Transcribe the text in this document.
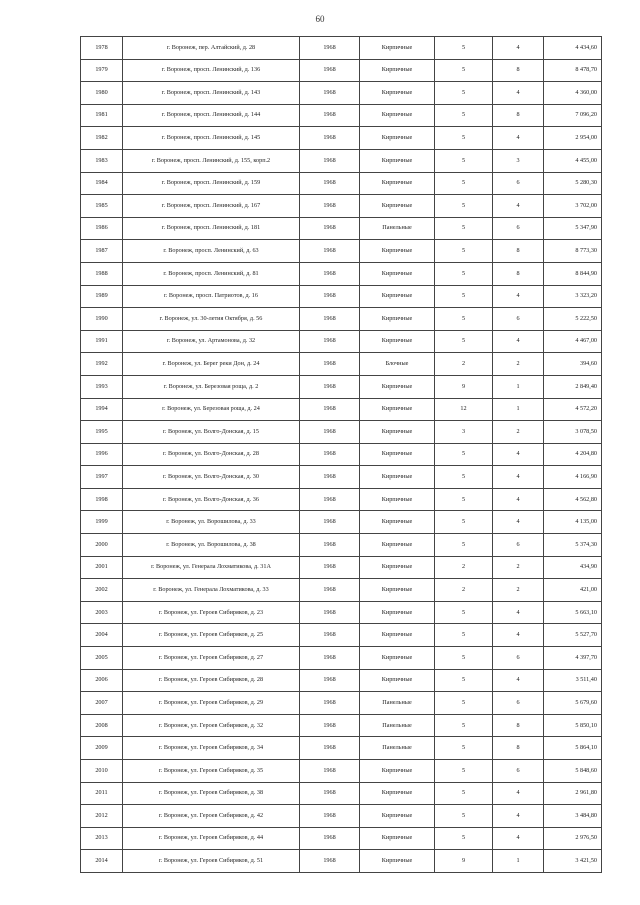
60
1978	г. Воронеж, пер. Алтайский, д. 28	1968	Кирпичные	5	4	4 434,60
1979	г. Воронеж, просп. Ленинский, д. 136	1968	Кирпичные	5	8	8 478,70
1980	г. Воронеж, просп. Ленинский, д. 143	1968	Кирпичные	5	4	4 360,00
1981	г. Воронеж, просп. Ленинский, д. 144	1968	Кирпичные	5	8	7 096,20
1982	г. Воронеж, просп. Ленинский, д. 145	1968	Кирпичные	5	4	2 954,00
1983	г. Воронеж, просп. Ленинский, д. 155, корп.2	1968	Кирпичные	5	3	4 455,00
1984	г. Воронеж, просп. Ленинский, д. 159	1968	Кирпичные	5	6	5 280,30
1985	г. Воронеж, просп. Ленинский, д. 167	1968	Кирпичные	5	4	3 702,00
1986	г. Воронеж, просп. Ленинский, д. 181	1968	Панельные	5	6	5 347,90
1987	г. Воронеж, просп. Ленинский, д. 63	1968	Кирпичные	5	8	8 773,30
1988	г. Воронеж, просп. Ленинский, д. 81	1968	Кирпичные	5	8	8 844,90
1989	г. Воронеж, просп. Патриотов, д. 16	1968	Кирпичные	5	4	3 323,20
1990	г. Воронеж, ул. 30-летия Октября, д. 56	1968	Кирпичные	5	6	5 222,50
1991	г. Воронеж, ул. Артамонова, д. 32	1968	Кирпичные	5	4	4 467,00
1992	г. Воронеж, ул. Берег реки Дон, д. 24	1968	Блочные	2	2	394,60
1993	г. Воронеж, ул. Березовая роща, д. 2	1968	Кирпичные	9	1	2 849,40
1994	г. Воронеж, ул. Березовая роща, д. 24	1968	Кирпичные	12	1	4 572,20
1995	г. Воронеж, ул. Волго-Донская, д. 15	1968	Кирпичные	3	2	3 078,50
1996	г. Воронеж, ул. Волго-Донская, д. 28	1968	Кирпичные	5	4	4 204,80
1997	г. Воронеж, ул. Волго-Донская, д. 30	1968	Кирпичные	5	4	4 166,90
1998	г. Воронеж, ул. Волго-Донская, д. 36	1968	Кирпичные	5	4	4 562,80
1999	г. Воронеж, ул. Ворошилова, д. 33	1968	Кирпичные	5	4	4 135,00
2000	г. Воронеж, ул. Ворошилова, д. 38	1968	Кирпичные	5	6	5 374,30
2001	г. Воронеж, ул. Генерала Лохматикова, д. 31А	1968	Кирпичные	2	2	434,90
2002	г. Воронеж, ул. Генерала Лохматикова, д. 33	1968	Кирпичные	2	2	421,00
2003	г. Воронеж, ул. Героев Сибиряков, д. 23	1968	Кирпичные	5	4	5 663,10
2004	г. Воронеж, ул. Героев Сибиряков, д. 25	1968	Кирпичные	5	4	5 527,70
2005	г. Воронеж, ул. Героев Сибиряков, д. 27	1968	Кирпичные	5	6	4 397,70
2006	г. Воронеж, ул. Героев Сибиряков, д. 28	1968	Кирпичные	5	4	3 511,40
2007	г. Воронеж, ул. Героев Сибиряков, д. 29	1968	Панельные	5	6	5 679,60
2008	г. Воронеж, ул. Героев Сибиряков, д. 32	1968	Панельные	5	8	5 850,10
2009	г. Воронеж, ул. Героев Сибиряков, д. 34	1968	Панельные	5	8	5 864,10
2010	г. Воронеж, ул. Героев Сибиряков, д. 35	1968	Кирпичные	5	6	5 848,60
2011	г. Воронеж, ул. Героев Сибиряков, д. 38	1968	Кирпичные	5	4	2 961,80
2012	г. Воронеж, ул. Героев Сибиряков, д. 42	1968	Кирпичные	5	4	3 484,80
2013	г. Воронеж, ул. Героев Сибиряков, д. 44	1968	Кирпичные	5	4	2 976,50
2014	г. Воронеж, ул. Героев Сибиряков, д. 51	1968	Кирпичные	9	1	3 421,50
